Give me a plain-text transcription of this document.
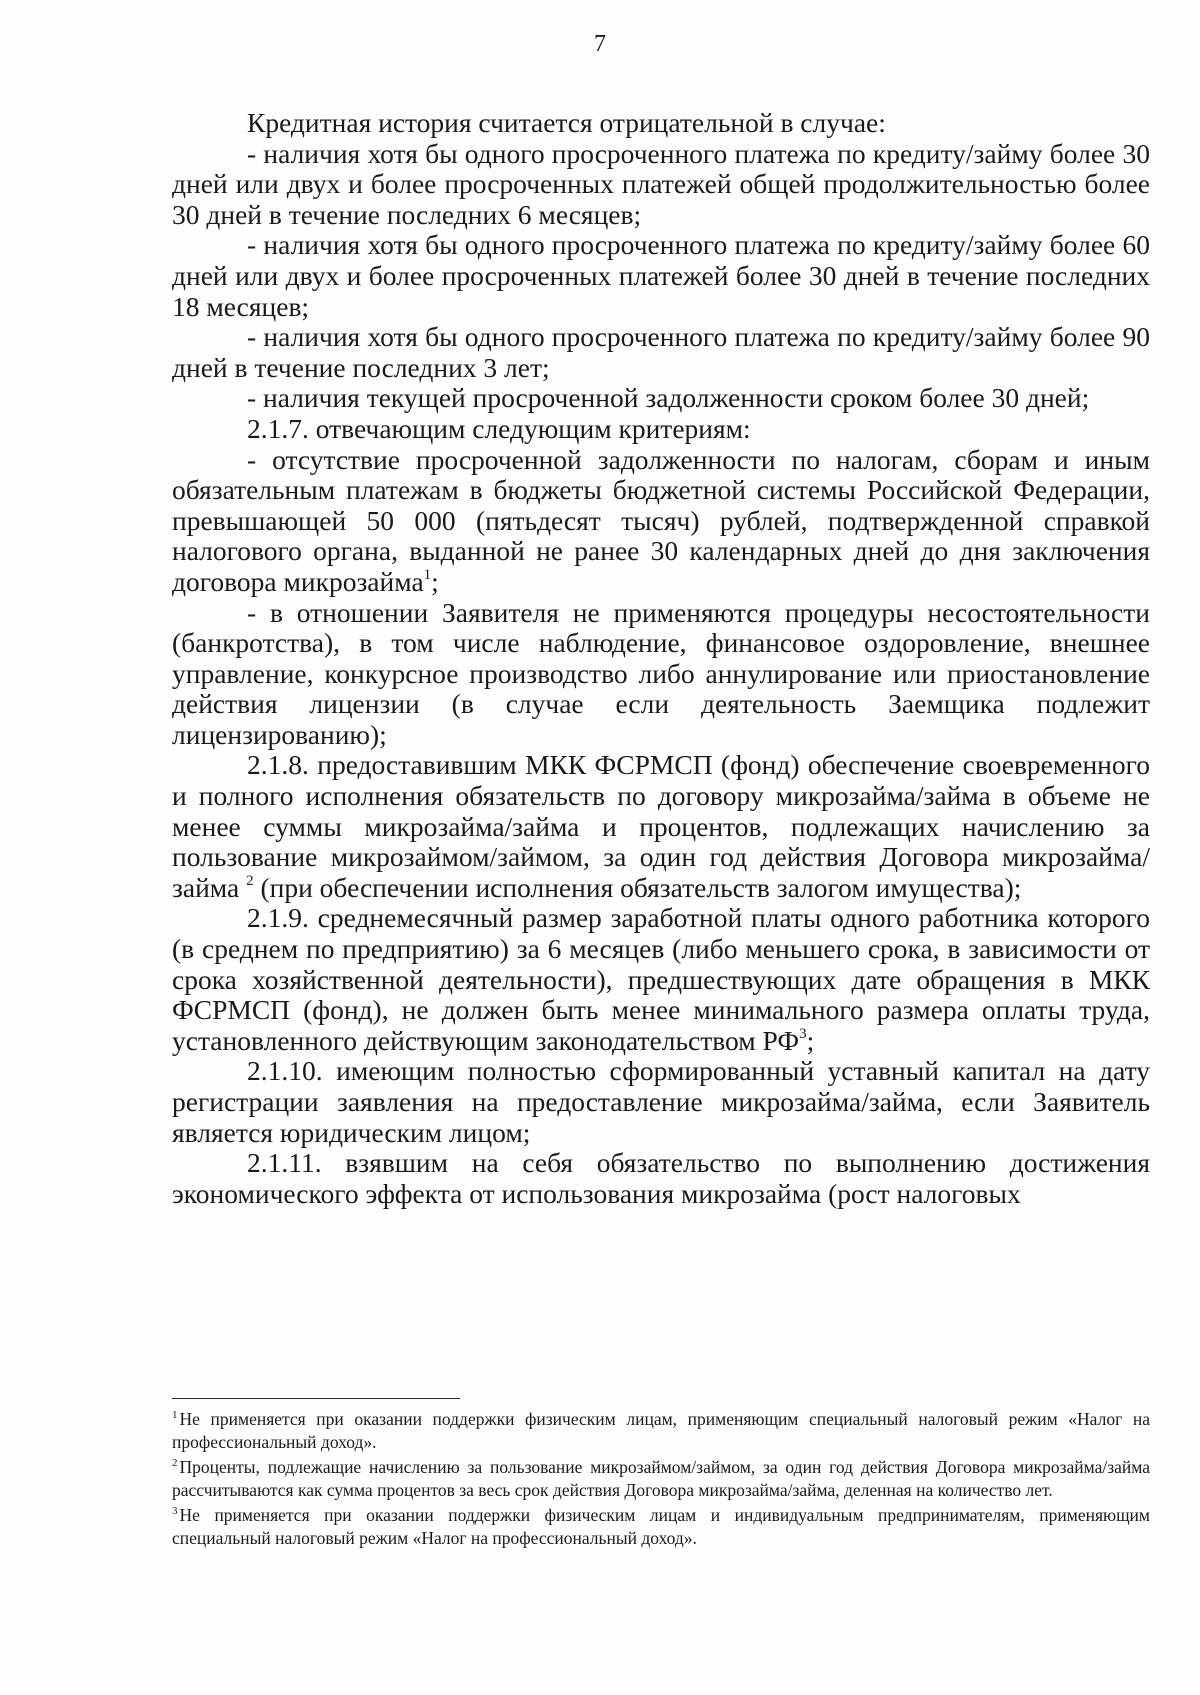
7

Кредитная история считается отрицательной в случае:

- наличия хотя бы одного просроченного платежа по кредиту/займу более 30 дней или двух и более просроченных платежей общей продолжительностью более 30 дней в течение последних 6 месяцев;

- наличия хотя бы одного просроченного платежа по кредиту/займу более 60 дней или двух и более просроченных платежей более 30 дней в течение последних 18 месяцев;

- наличия хотя бы одного просроченного платежа по кредиту/займу более 90 дней в течение последних 3 лет;

- наличия текущей просроченной задолженности сроком более 30 дней;

2.1.7. отвечающим следующим критериям:

- отсутствие просроченной задолженности по налогам, сборам и иным обязательным платежам в бюджеты бюджетной системы Российской Федерации, превышающей 50 000 (пятьдесят тысяч) рублей, подтвержденной справкой налогового органа, выданной не ранее 30 календарных дней до дня заключения договора микрозайма$^1$;

- в отношении Заявителя не применяются процедуры несостоятельности (банкротства), в том числе наблюдение, финансовое оздоровление, внешнее управление, конкурсное производство либо аннулирование или приостановление действия лицензии (в случае если деятельность Заемщика подлежит лицензированию);

2.1.8. предоставившим МКК ФСРМСП (фонд) обеспечение своевременного и полного исполнения обязательств по договору микрозайма/займа в объеме не менее суммы микрозайма/займа и процентов, подлежащих начислению за пользование микрозаймом/займом, за один год действия Договора микрозайма/займа $^2$ (при обеспечении исполнения обязательств залогом имущества);

2.1.9. среднемесячный размер заработной платы одного работника которого (в среднем по предприятию) за 6 месяцев (либо меньшего срока, в зависимости от срока хозяйственной деятельности), предшествующих дате обращения в МКК ФСРМСП (фонд), не должен быть менее минимального размера оплаты труда, установленного действующим законодательством $РФ^3$;

2.1.10. имеющим полностью сформированный уставный капитал на дату регистрации заявления на предоставление микрозайма/займа, если Заявитель является юридическим лицом;

2.1.11. взявшим на себя обязательство по выполнению достижения экономического эффекта от использования микрозайма (рост налоговых

$^1$ Не применяется при оказании поддержки физическим лицам, применяющим специальный налоговый режим «Налог на профессиональный доход».

$^2$ Проценты, подлежащие начислению за пользование микрозаймом/займом, за один год действия Договора микрозайма/займа рассчитываются как сумма процентов за весь срок действия Договора микрозайма/займа, деленная на количество лет.

$^3$ Не применяется при оказании поддержки физическим лицам и индивидуальным предпринимателям, применяющим специальный налоговый режим «Налог на профессиональный доход».
